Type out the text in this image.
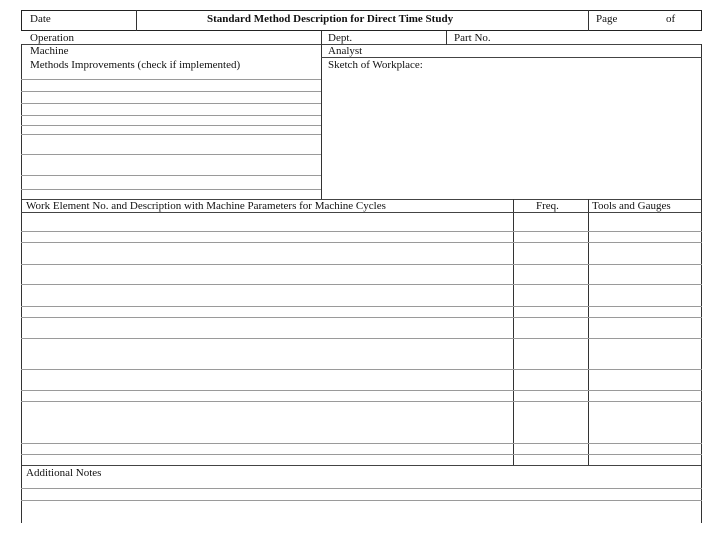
Date	Standard Method Description for Direct Time Study	Page	of
Operation	Dept.	Part No.
Machine	Analyst
Methods Improvements (check if implemented)	Sketch of Workplace:
Work Element No. and Description with Machine Parameters for Machine Cycles	Freq.	Tools and Gauges
Additional Notes
